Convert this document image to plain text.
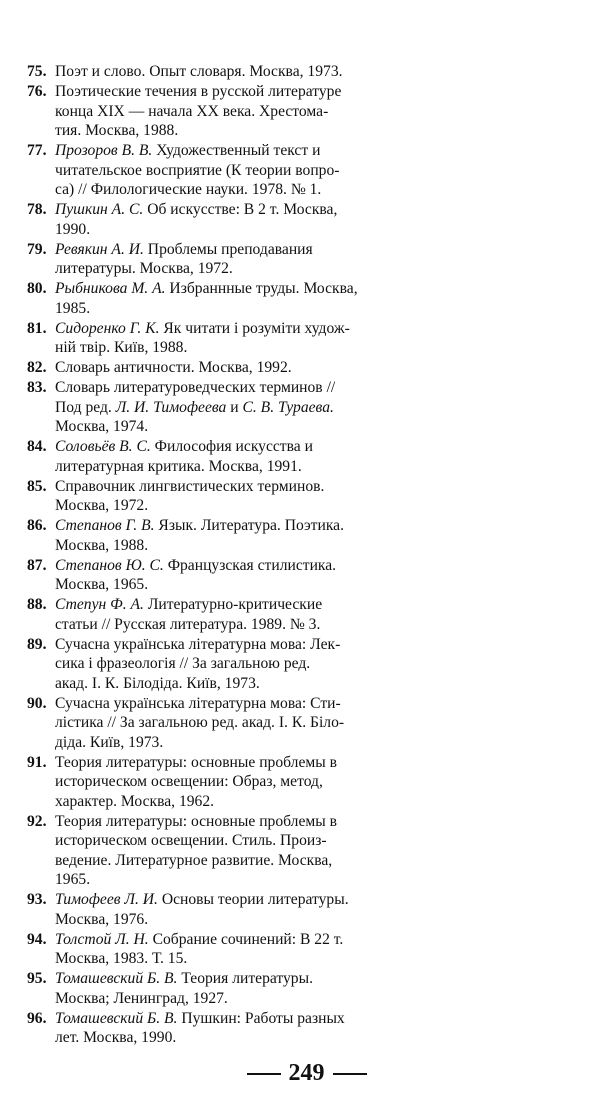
75. Поэт и слово. Опыт словаря. Москва, 1973.
76. Поэтические течения в русской литературе
конца XIX — начала XX века. Хрестома-
тия. Москва, 1988.
77. Прозоров В. В. Художественный текст и
читательское восприятие (К теории вопро-
са) // Филологические науки. 1978. № 1.
78. Пушкин А. С. Об искусстве: В 2 т. Москва,
1990.
79. Ревякин А. И. Проблемы преподавания
литературы. Москва, 1972.
80. Рыбникова М. А. Избраннные труды. Москва,
1985.
81. Сидоренко Г. К. Як читати і розуміти худож-
ній твір. Київ, 1988.
82. Словарь античности. Москва, 1992.
83. Словарь литературоведческих терминов //
Под ред. Л. И. Тимофеева и С. В. Тураева.
Москва, 1974.
84. Соловьёв В. С. Философия искусства и
литературная критика. Москва, 1991.
85. Справочник лингвистических терминов.
Москва, 1972.
86. Степанов Г. В. Язык. Литература. Поэтика.
Москва, 1988.
87. Степанов Ю. С. Французская стилистика.
Москва, 1965.
88. Степун Ф. А. Литературно-критические
статьи // Русская литература. 1989. № 3.
89. Сучасна українська літературна мова: Лек-
сика і фразеологія // За загальною ред.
акад. І. К. Білодіда. Київ, 1973.
90. Сучасна українська літературна мова: Сти-
лістика // За загальною ред. акад. І. К. Біло-
діда. Київ, 1973.
91. Теория литературы: основные проблемы в
историческом освещении: Образ, метод,
характер. Москва, 1962.
92. Теория литературы: основные проблемы в
историческом освещении. Стиль. Произ-
ведение. Литературное развитие. Москва,
1965.
93. Тимофеев Л. И. Основы теории литературы.
Москва, 1976.
94. Толстой Л. Н. Собрание сочинений: В 22 т.
Москва, 1983. Т. 15.
95. Томашевский Б. В. Теория литературы.
Москва; Ленинград, 1927.
96. Томашевский Б. В. Пушкин: Работы разных
лет. Москва, 1990.
249
